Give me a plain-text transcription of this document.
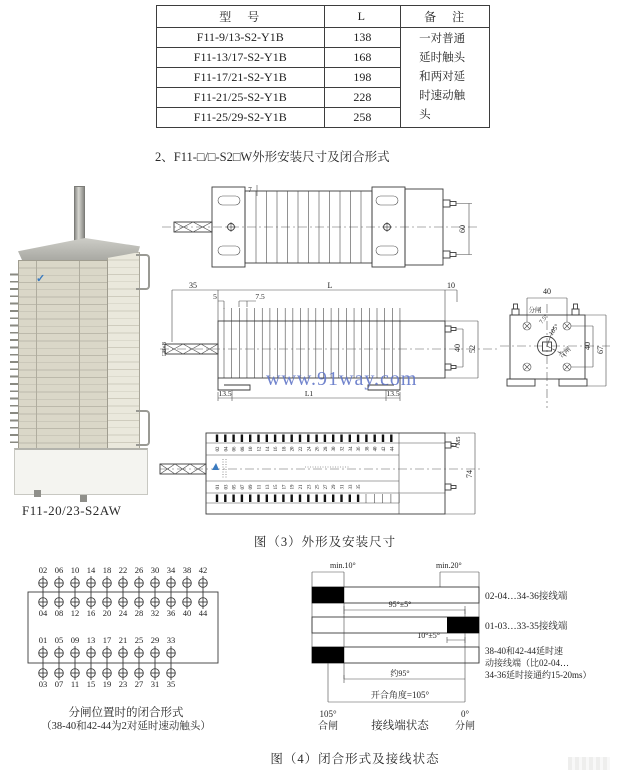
型　号	L	备　注
F11-9/13-S2-Y1B	138	一对普通延时触头和两对延时速动触头

F11-13/17-S2-Y1B	168	
F11-17/21-S2-Y1B	198	
F11-21/25-S2-Y1B	228	
F11-25/29-S2-Y1B	258	
2、F11-□/□-S2□W外形安装尺寸及闭合形式
✓
F11-20/23-S2AW
60
7
35	L	10
5	7.5
□8×8
13.5	L1	13.5
40 52
40
分闸
7.5°
105°
合闸 40 67
02 04 06 08 10 12 14 16 18 20 22 24 26 28 30 32 34 36 38 40 42 44
01 03 05 07 09 11 13 15 17 19 21 23 25 27 29 31 33 35
M5
74
图（3）外形及安装尺寸
www.91way.com
02
04
06
08
10
12
14
16
18
20
22
24
26
28
30
32
34
36
38
40
42
44
01
03
05
07
09
11
13
15
17
19
21
23
25
27
29
31
33
35
分闸位置时的闭合形式
（38-40和42-44为2对延时速动触头）
min.10°	min.20°
02-04…34-36接线端
95°±5°
01-03…33-35接线端
10°±5°
38-40和42-44延时速
动接线端（比02-04…
34-36延时接通约15-20ms）
约95°
开合角度=105°
105°
合闸
0°
分闸
接线端状态
图（4）闭合形式及接线状态
